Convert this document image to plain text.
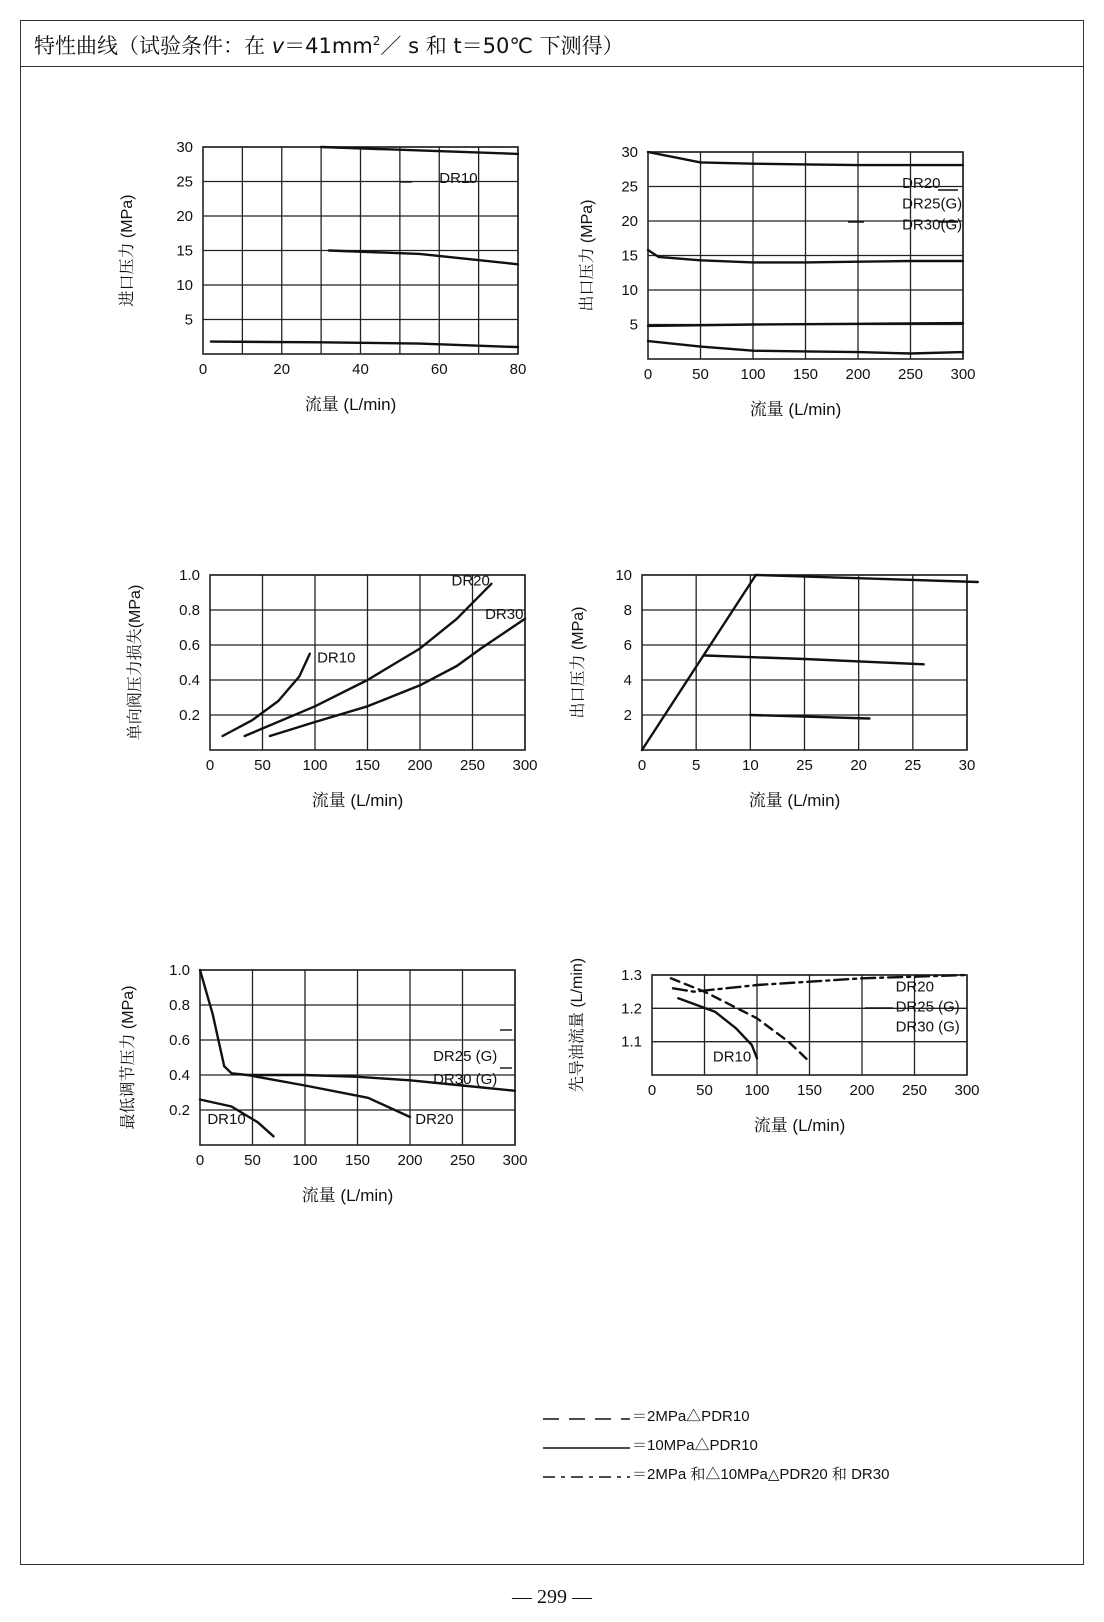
特性曲线（试验条件：在 $v=41mm^2/$ s 和 t＝50℃ 下测得）
0	20	40	60	80
5
10
15
20
25
30
流量 (L/min)
进口压力 (MPa)
DR10
0	50 100 150 200 250 300
5
10
15
20
25
30
流量 (L/min)
出口压力 (MPa)
DR20
DR25(G)
DR30(G)
0	50 100 150 200 250 300
0.2
0.4
0.6
0.8
1.0
流量 (L/min)
单向阀压力损失(MPa)	DR10
DR20
DR30
0	5	10 25 20 25 30
2
4
6
8
10
流量 (L/min)
出口压力 (MPa)
0	50 100 150 200 250 300
0.2
0.4
0.6
0.8
1.0
流量 (L/min)
最低调节压力 (MPa)	DR25 (G)
DR30 (G)
DR20
DR10
0	50 100 150 200 250 300
1.1
1.2
1.3
流量 (L/min)
先导油流量 (L/min)	DR20
DR25 (G)
DR30 (G)
DR10
＝2MPa△PDR10
＝10MPa△PDR10
＝2MPa 和△10MPa△PDR20 和 DR30
— 299 —
